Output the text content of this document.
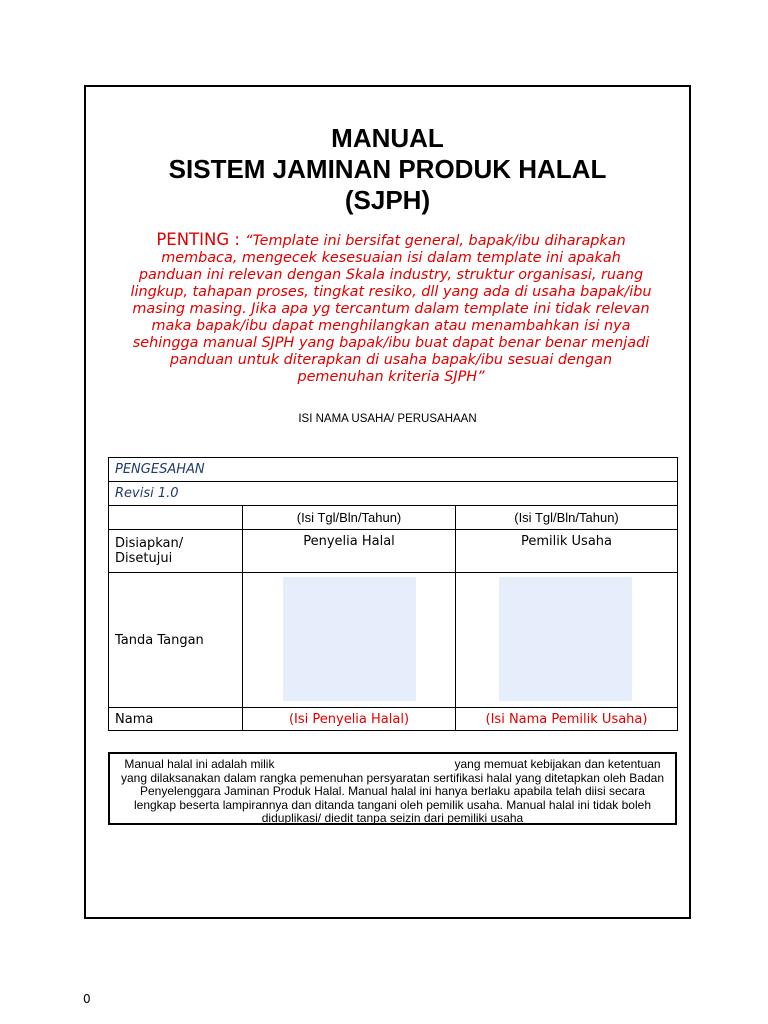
MANUAL
SISTEM JAMINAN PRODUK HALAL
(SJPH)
PENTING : “Template ini bersifat general, bapak/ibu diharapkan membaca, mengecek kesesuaian isi dalam template ini apakah panduan ini relevan dengan Skala industry, struktur organisasi, ruang lingkup, tahapan proses, tingkat resiko, dll yang ada di usaha bapak/ibu masing masing. Jika apa yg tercantum dalam template ini tidak relevan maka bapak/ibu dapat menghilangkan atau menambahkan isi nya sehingga manual SJPH yang bapak/ibu buat dapat benar benar menjadi panduan untuk diterapkan di usaha bapak/ibu sesuai dengan pemenuhan kriteria SJPH”
ISI NAMA USAHA/ PERUSAHAAN
PENGESAHAN		
Revisi 1.0		
	(Isi Tgl/Bln/Tahun)	(Isi Tgl/Bln/Tahun)
Disiapkan/ Disetujui	Penyelia Halal	Pemilik Usaha
Tanda Tangan	

Nama	(Isi Penyelia Halal)	(Isi Nama Pemilik Usaha)
Manual halal ini adalah milik	yang memuat kebijakan dan ketentuan yang dilaksanakan dalam rangka pemenuhan persyaratan sertifikasi halal yang ditetapkan oleh Badan Penyelenggara Jaminan Produk Halal. Manual halal ini hanya berlaku apabila telah diisi secara lengkap beserta lampirannya dan ditanda tangani oleh pemilik usaha. Manual halal ini tidak boleh diduplikasi/ diedit tanpa seizin dari pemiliki usaha
0
